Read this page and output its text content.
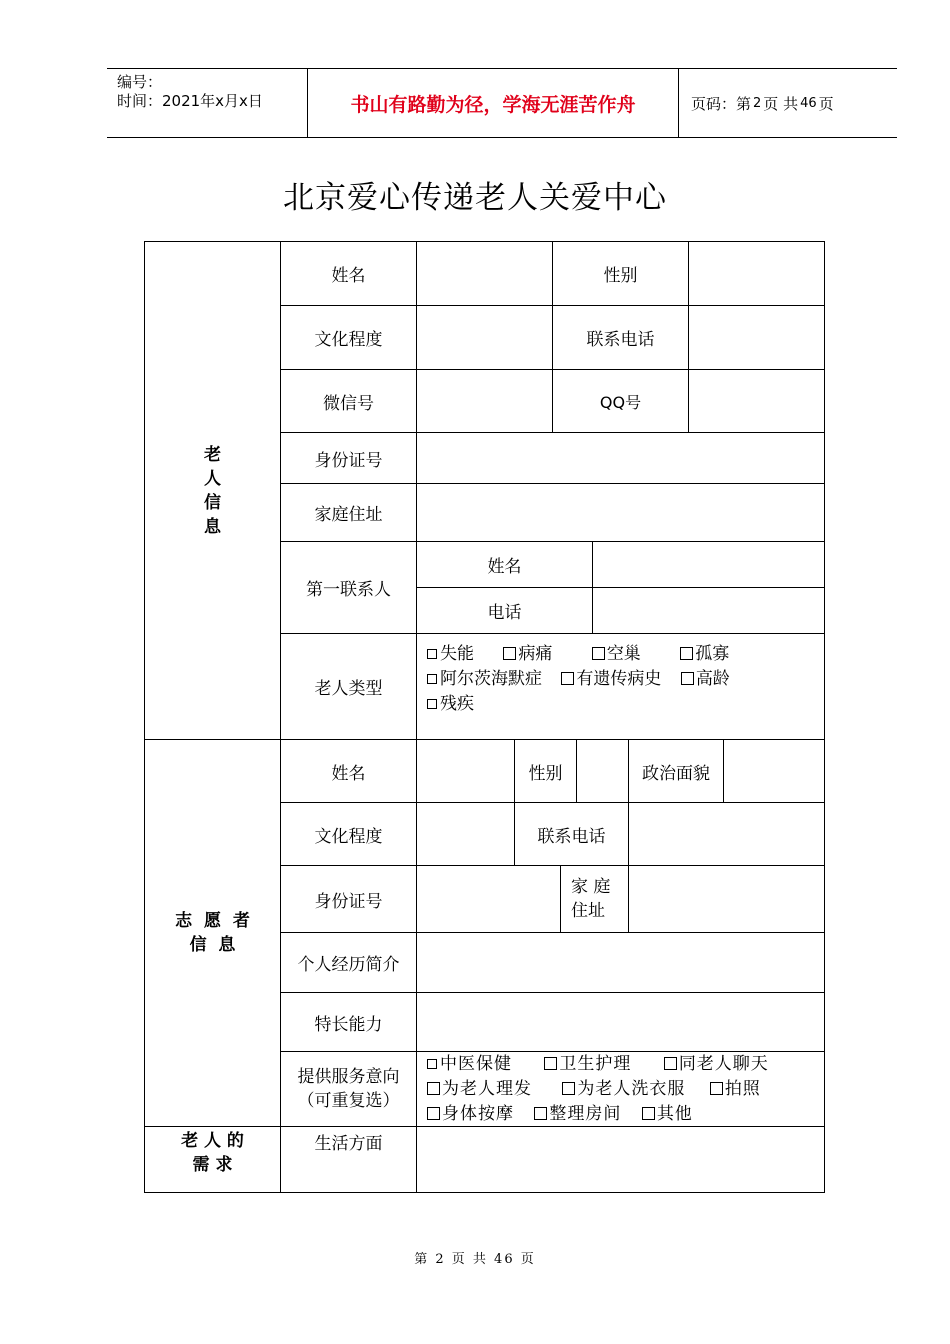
编号：
时间：2021年x月x日	书山有路勤为径，学海无涯苦作舟	页码：第 2 页 共 46 页
北京爱心传递老人关爱中心
老
人
信
息
姓名	性别
文化程度	联系电话
微信号	QQ号
身份证号
家庭住址
第一联系人
姓名
电话
老人类型
失能	病痛	空巢	孤寡
阿尔茨海默症 有遗传病史 高龄
残疾
志  愿  者
信  息
姓名	性别	政治面貌
文化程度	联系电话
身份证号
家 庭
住址
个人经历简介
特长能力
提供服务意向
（可重复选）
中医保健	卫生护理	同老人聊天
为老人理发	为老人洗衣服 拍照
身体按摩 整理房间 其他
老 人 的
需 求
生活方面
第 2 页 共 46 页
